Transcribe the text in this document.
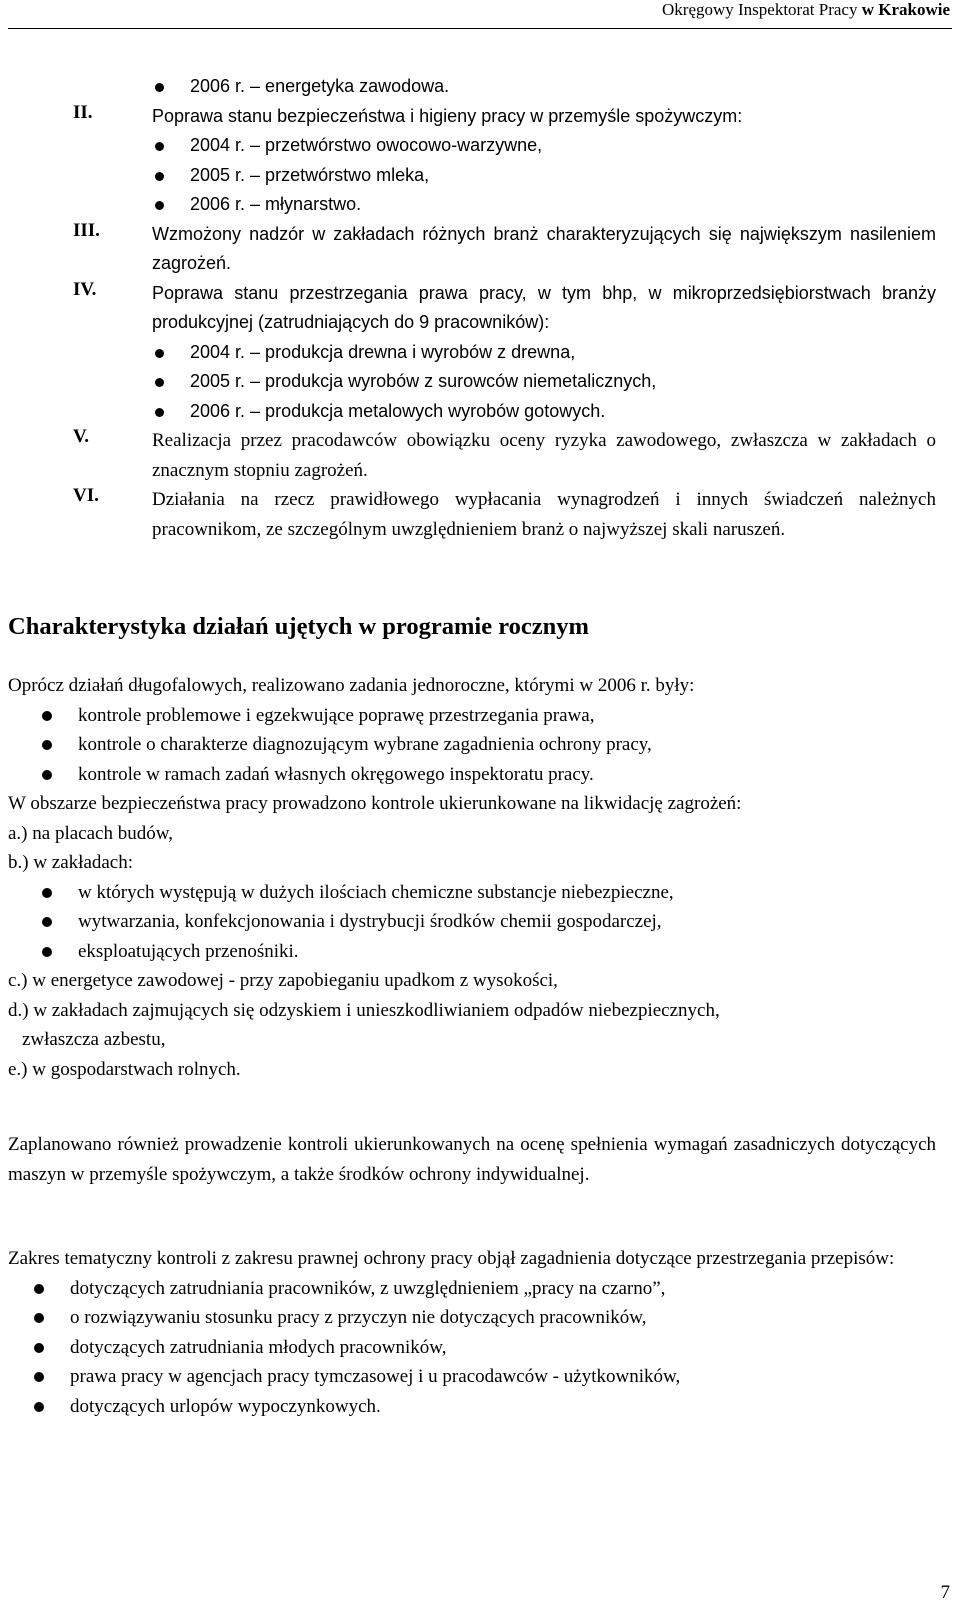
Okręgowy Inspektorat Pracy w Krakowie
2006 r. – energetyka zawodowa.
II.	Poprawa stanu bezpieczeństwa i higieny pracy w przemyśle spożywczym:
2004 r. – przetwórstwo owocowo-warzywne,
2005 r. – przetwórstwo mleka,
2006 r. – młynarstwo.
III.	Wzmożony nadzór w zakładach różnych branż charakteryzujących się największym nasileniem zagrożeń.
IV.	Poprawa stanu przestrzegania prawa pracy, w tym bhp, w mikroprzedsiębiorstwach branży produkcyjnej (zatrudniających do 9 pracowników):
2004 r. – produkcja drewna i wyrobów z drewna,
2005 r. – produkcja wyrobów z surowców niemetalicznych,
2006 r. – produkcja metalowych wyrobów gotowych.
V.	Realizacja przez pracodawców obowiązku oceny ryzyka zawodowego, zwłaszcza w zakładach o znacznym stopniu zagrożeń.
VI.	Działania na rzecz prawidłowego wypłacania wynagrodzeń i innych świadczeń należnych pracownikom, ze szczególnym uwzględnieniem branż o najwyższej skali naruszeń.
Charakterystyka działań ujętych w programie rocznym

Oprócz działań długofalowych, realizowano zadania jednoroczne, którymi w 2006 r. były:

kontrole problemowe i egzekwujące poprawę przestrzegania prawa,
kontrole o charakterze diagnozującym wybrane zagadnienia ochrony pracy,
kontrole w ramach zadań własnych okręgowego inspektoratu pracy.

W obszarze bezpieczeństwa pracy prowadzono kontrole ukierunkowane na likwidację zagrożeń:

a.) na placach budów,

b.) w zakładach:

w których występują w dużych ilościach chemiczne substancje niebezpieczne,
wytwarzania, konfekcjonowania i dystrybucji środków chemii gospodarczej,
eksploatujących przenośniki.

c.) w energetyce zawodowej - przy zapobieganiu upadkom z wysokości,

d.) w zakładach zajmujących się odzyskiem i unieszkodliwianiem odpadów niebezpiecznych,

zwłaszcza azbestu,

e.) w gospodarstwach rolnych.

Zaplanowano również prowadzenie kontroli ukierunkowanych na ocenę spełnienia wymagań zasadniczych dotyczących maszyn w przemyśle spożywczym, a także środków ochrony indywidualnej.

Zakres tematyczny kontroli z zakresu prawnej ochrony pracy objął zagadnienia dotyczące przestrzegania przepisów:

dotyczących zatrudniania pracowników, z uwzględnieniem „pracy na czarno”,
o rozwiązywaniu stosunku pracy z przyczyn nie dotyczących pracowników,
dotyczących zatrudniania młodych pracowników,
prawa pracy w agencjach pracy tymczasowej i u pracodawców - użytkowników,
dotyczących urlopów wypoczynkowych.
7
